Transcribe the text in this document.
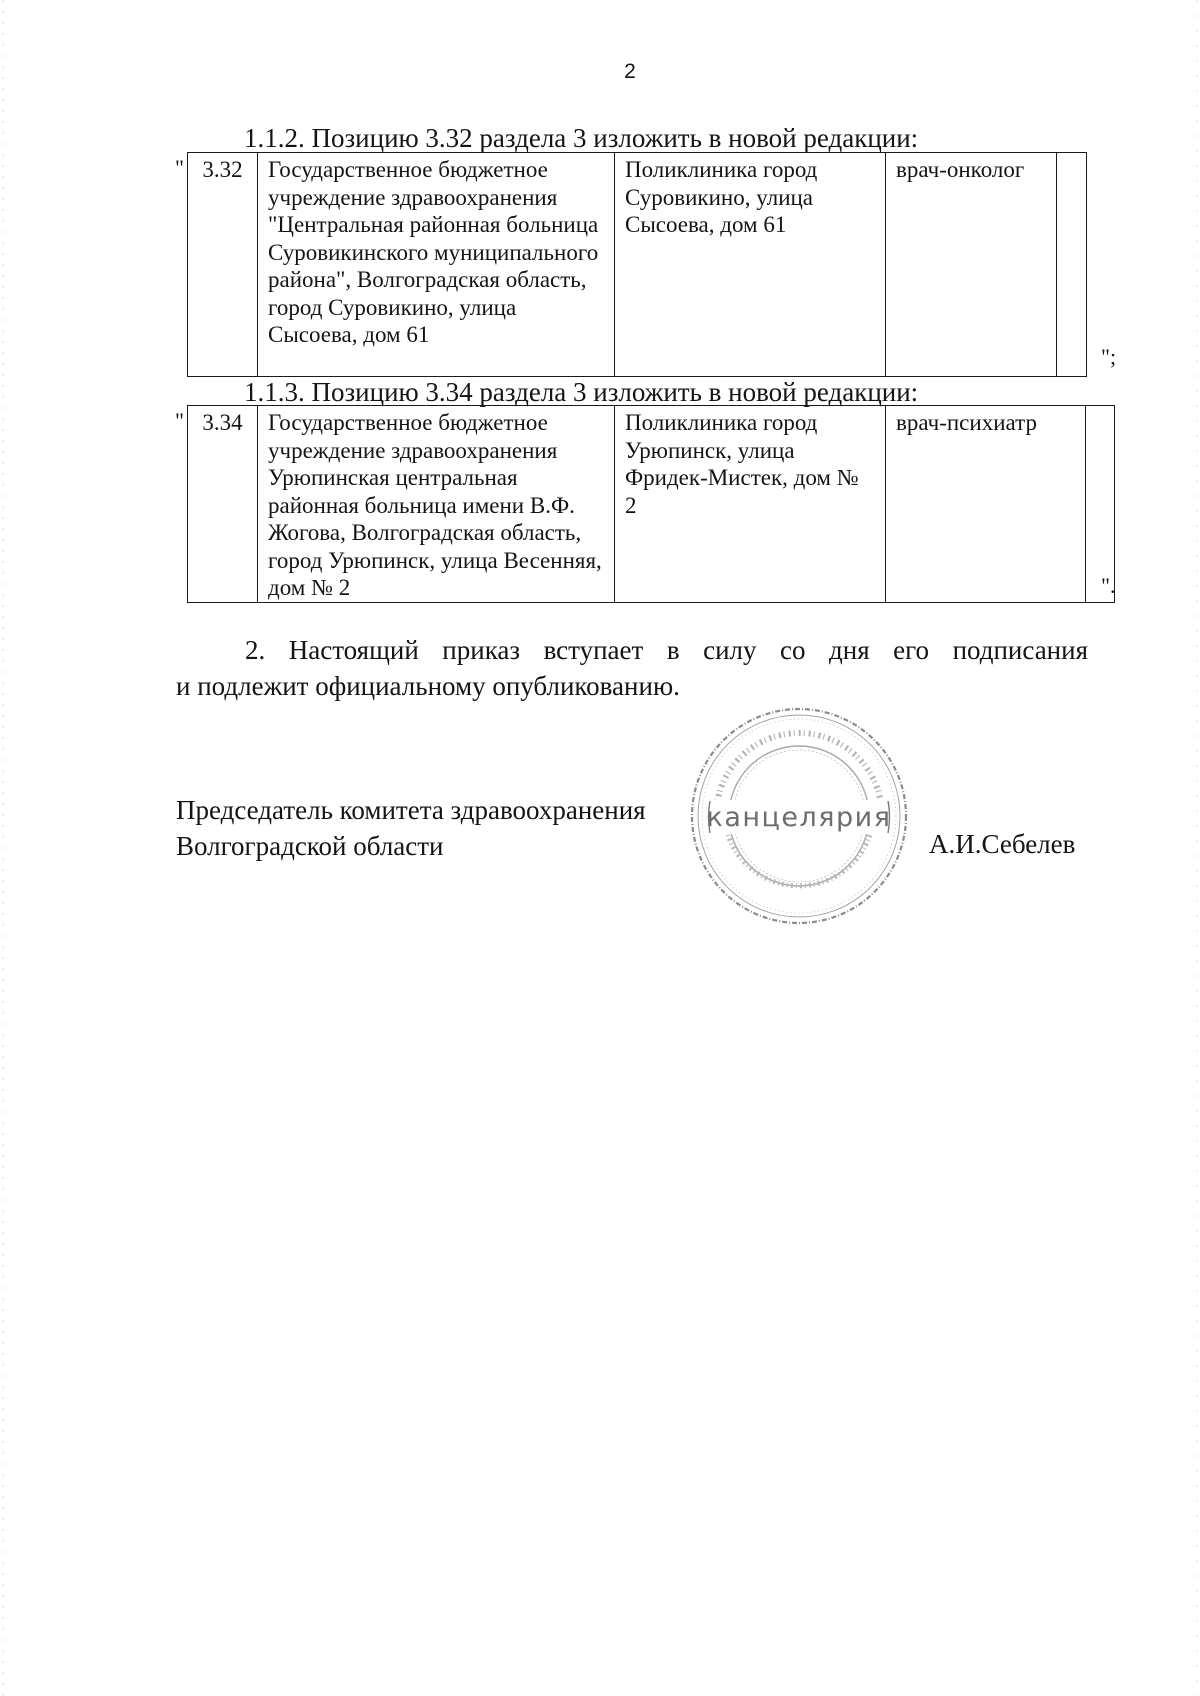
2
1.1.2. Позицию 3.32 раздела 3 изложить в новой редакции:
" 3.32	Государственное бюджетное учреждение здравоохранения "Центральная районная больница Суровикинского муниципального района", Волгоградская область, город Суровикино, улица Сысоева, дом 61	Поликлиника город Суровикино, улица Сысоева, дом 61	врач-онколог	
";
1.1.3. Позицию 3.34 раздела 3 изложить в новой редакции:
" 3.34	Государственное бюджетное учреждение здравоохранения Урюпинская центральная районная больница имени В.Ф. Жогова, Волгоградская область, город Урюпинск, улица Весенняя, дом № 2	Поликлиника город Урюпинск, улица Фридек-Мистек, дом № 2	врач-психиатр	
".
2. Настоящий приказ вступает в силу со дня его подписания
и подлежит официальному опубликованию.
Председатель комитета здравоохранения
Волгоградской области
канцелярия
А.И.Себелев
